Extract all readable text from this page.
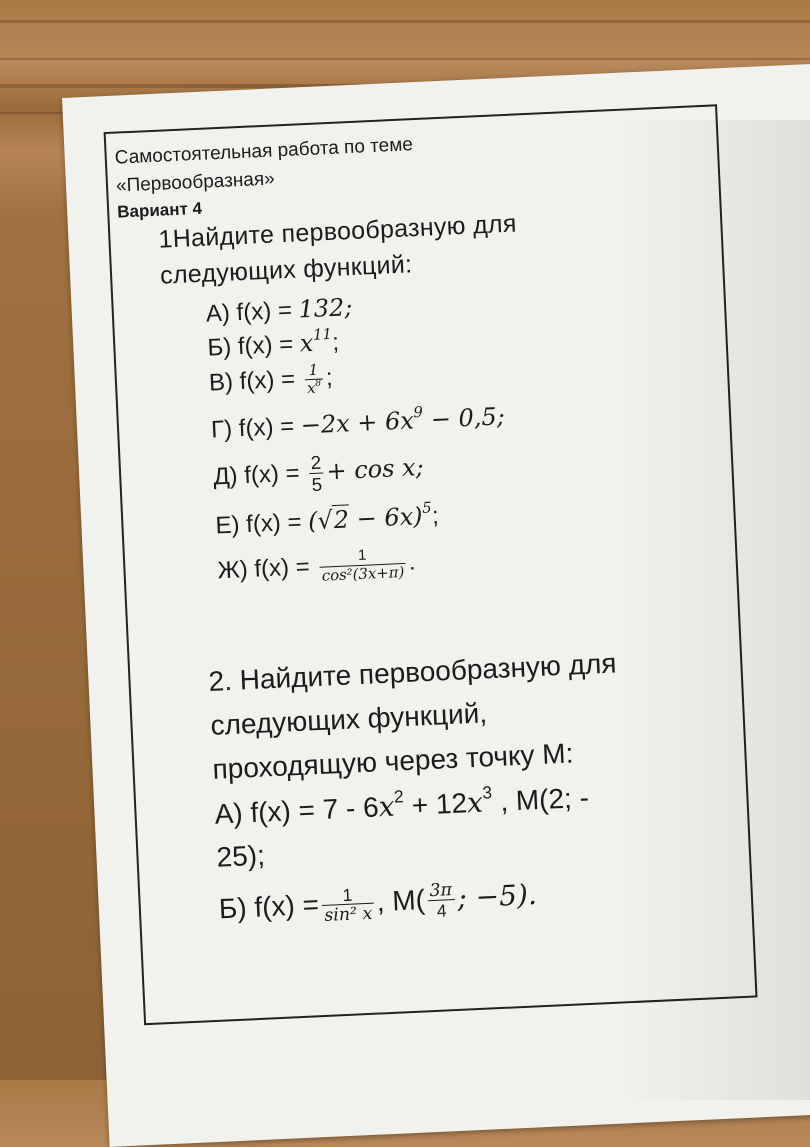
Самостоятельная работа по теме
«Первообразная»
Вариант 4
1Найдите первообразную для
следующих функций:
А) f(x) = 132;
Б) $f(x) = x^{11}$;
В) $f(x) = \frac{1}{x^8}$ ;
Г) $f(x) = -2x + 6x^9 - 0,5$;
Д) $f(x) = \frac{2}{5} + \cos x$;
Е) $f(x) = (√2 - 6x)^5$;
Ж) $f(x) = \frac{1}{\text{cos²(3x+π)}}$ .
2. Найдите первообразную для
следующих функций,
проходящую через точку М:
А) $f(x) = 7 - 6x^2 + 12x^3$ , М(2; -
25);
Б) $f(x) = \frac{1}{\text{sin² x}}$ , $М( \frac{3\pi}{4}$ ; −5).
